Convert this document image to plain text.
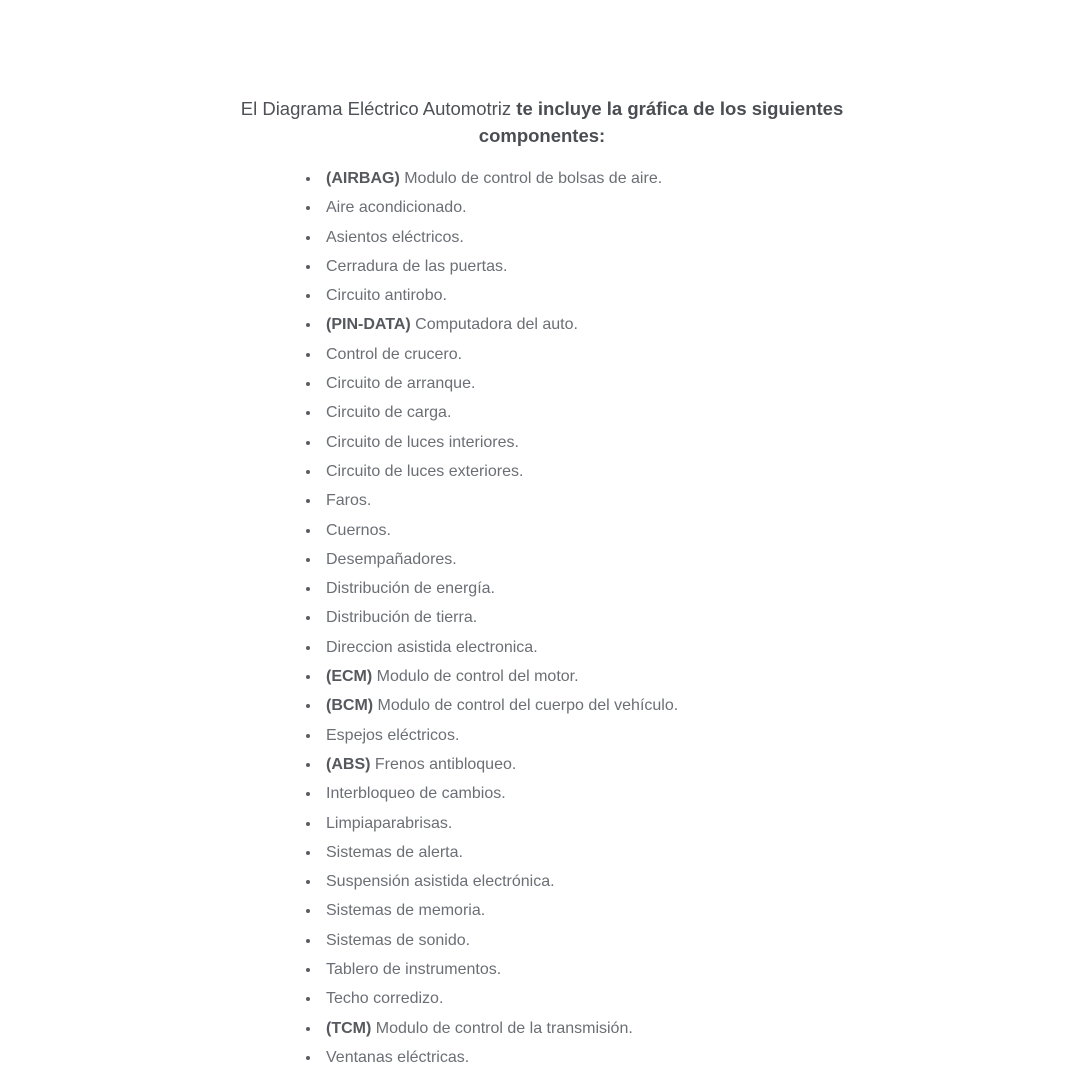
El Diagrama Eléctrico Automotriz te incluye la gráfica de los siguientes componentes:

(AIRBAG) Modulo de control de bolsas de aire.
Aire acondicionado.
Asientos eléctricos.
Cerradura de las puertas.
Circuito antirobo.
(PIN-DATA) Computadora del auto.
Control de crucero.
Circuito de arranque.
Circuito de carga.
Circuito de luces interiores.
Circuito de luces exteriores.
Faros.
Cuernos.
Desempañadores.
Distribución de energía.
Distribución de tierra.
Direccion asistida electronica.
(ECM) Modulo de control del motor.
(BCM) Modulo de control del cuerpo del vehículo.
Espejos eléctricos.
(ABS) Frenos antibloqueo.
Interbloqueo de cambios.
Limpiaparabrisas.
Sistemas de alerta.
Suspensión asistida electrónica.
Sistemas de memoria.
Sistemas de sonido.
Tablero de instrumentos.
Techo corredizo.
(TCM) Modulo de control de la transmisión.
Ventanas eléctricas.
